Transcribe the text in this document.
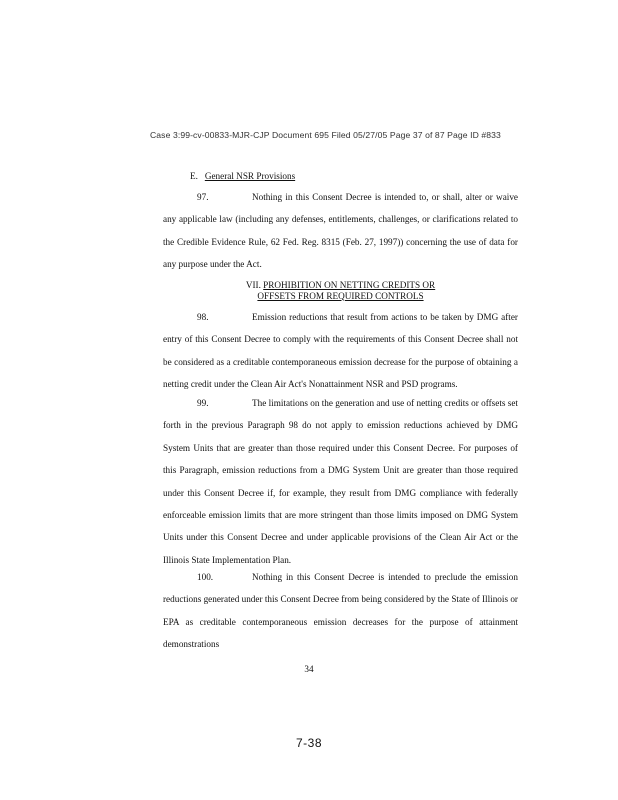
Case 3:99-cv-00833-MJR-CJP Document 695 Filed 05/27/05 Page 37 of 87 Page ID #833
E. General NSR Provisions

97.	Nothing in this Consent Decree is intended to, or shall, alter or waive any applicable law (including any defenses, entitlements, challenges, or clarifications related to the Credible Evidence Rule, 62 Fed. Reg. 8315 (Feb. 27, 1997)) concerning the use of data for any purpose under the Act.

VII. PROHIBITION ON NETTING CREDITS OR
OFFSETS FROM REQUIRED CONTROLS

98.	Emission reductions that result from actions to be taken by DMG after entry of this Consent Decree to comply with the requirements of this Consent Decree shall not be considered as a creditable contemporaneous emission decrease for the purpose of obtaining a netting credit under the Clean Air Act's Nonattainment NSR and PSD programs.

99.	The limitations on the generation and use of netting credits or offsets set forth in the previous Paragraph 98 do not apply to emission reductions achieved by DMG System Units that are greater than those required under this Consent Decree. For purposes of this Paragraph, emission reductions from a DMG System Unit are greater than those required under this Consent Decree if, for example, they result from DMG compliance with federally enforceable emission limits that are more stringent than those limits imposed on DMG System Units under this Consent Decree and under applicable provisions of the Clean Air Act or the Illinois State Implementation Plan.

100.	Nothing in this Consent Decree is intended to preclude the emission reductions generated under this Consent Decree from being considered by the State of Illinois or EPA as creditable contemporaneous emission decreases for the purpose of attainment demonstrations

34
7-38
